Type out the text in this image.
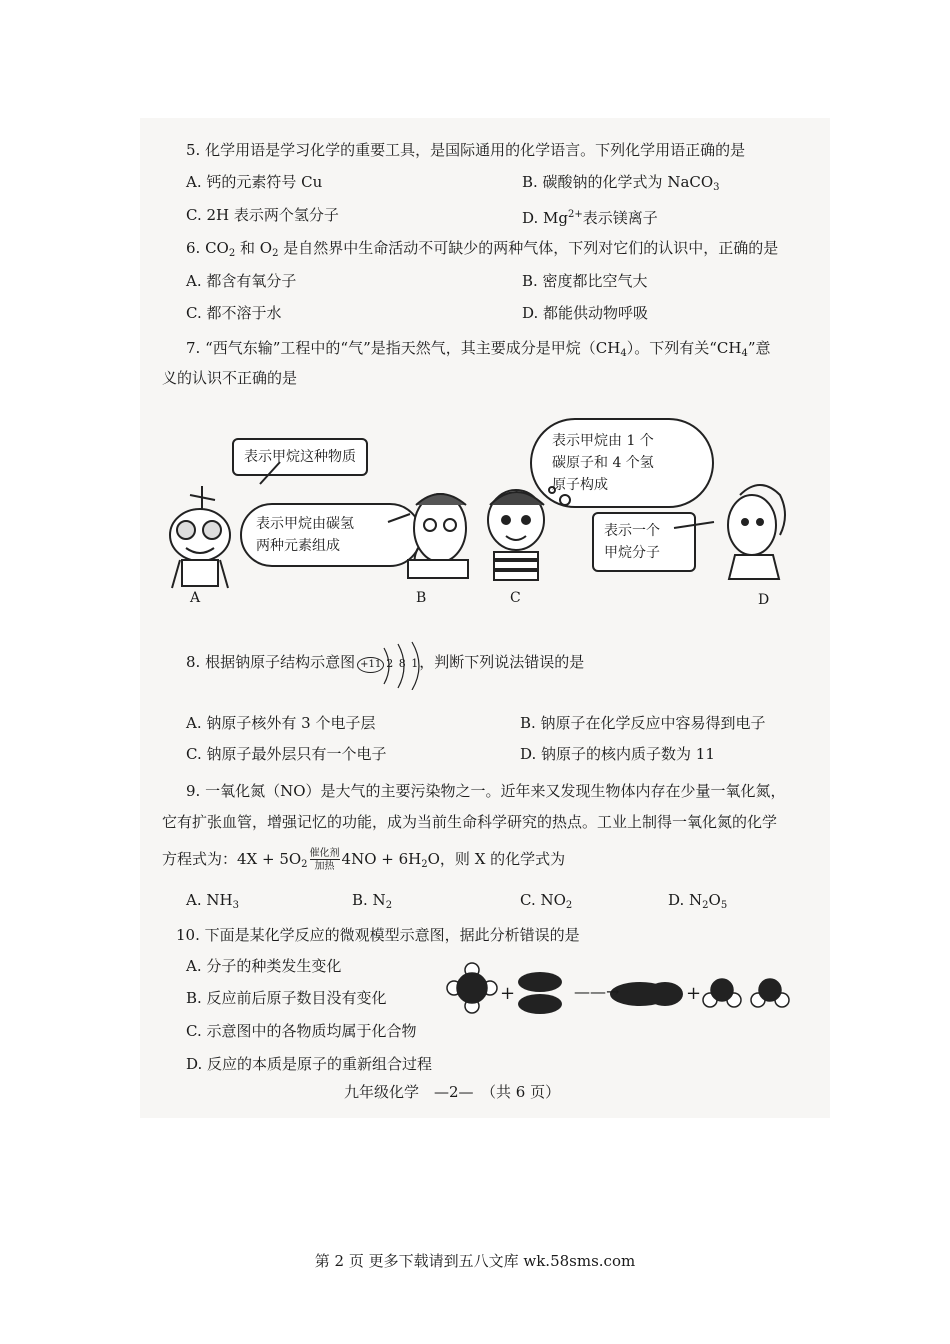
5. 化学用语是学习化学的重要工具，是国际通用的化学语言。下列化学用语正确的是
A. 钙的元素符号 Cu	B. 碳酸钠的化学式为 NaCO$_3$
C. 2H 表示两个氢分子	D. $Mg^{2+}$表示镁离子
6. $CO_2$ 和 $O_2$ 是自然界中生命活动不可缺少的两种气体，下列对它们的认识中，正确的是
A. 都含有氧分子	B. 密度都比空气大
C. 都不溶于水	D. 都能供动物呼吸
7. “西气东输”工程中的“气”是指天然气，其主要成分是甲烷$(CH_4)$。下列有关“$CH_4$”意
义的认识不正确的是
表示甲烷这种物质
表示甲烷由碳氢
两种元素组成
表示甲烷由 1 个
碳原子和 4 个氢
原子构成
表示一个
甲烷分子
A	B	C	D
8. 根据钠原子结构示意图 +11 2 8 1，判断下列说法错误的是
A. 钠原子核外有 3 个电子层	B. 钠原子在化学反应中容易得到电子
C. 钠原子最外层只有一个电子	D. 钠原子的核内质子数为 11
9. 一氧化氮（NO）是大气的主要污染物之一。近年来又发现生物体内存在少量一氧化氮，
它有扩张血管，增强记忆的功能，成为当前生命科学研究的热点。工业上制得一氧化氮的化学
方程式为：$4X + 5O_2 \frac{\text{催化剂}}{\text{加热}} 4NO + 6H_2O$，则 X 的化学式为
A. $NH_3$	B. $N_2$	C. $NO_2$	D. $N_2O_5$
10. 下面是某化学反应的微观模型示意图，据此分析错误的是
A. 分子的种类发生变化
B. 反应前后原子数目没有变化
C. 示意图中的各物质均属于化合物
D. 反应的本质是原子的重新组合过程
+	——→	+
九年级化学　—2—　（共 6 页）
第 2 页 更多下载请到五八文库 wk.58sms.com
